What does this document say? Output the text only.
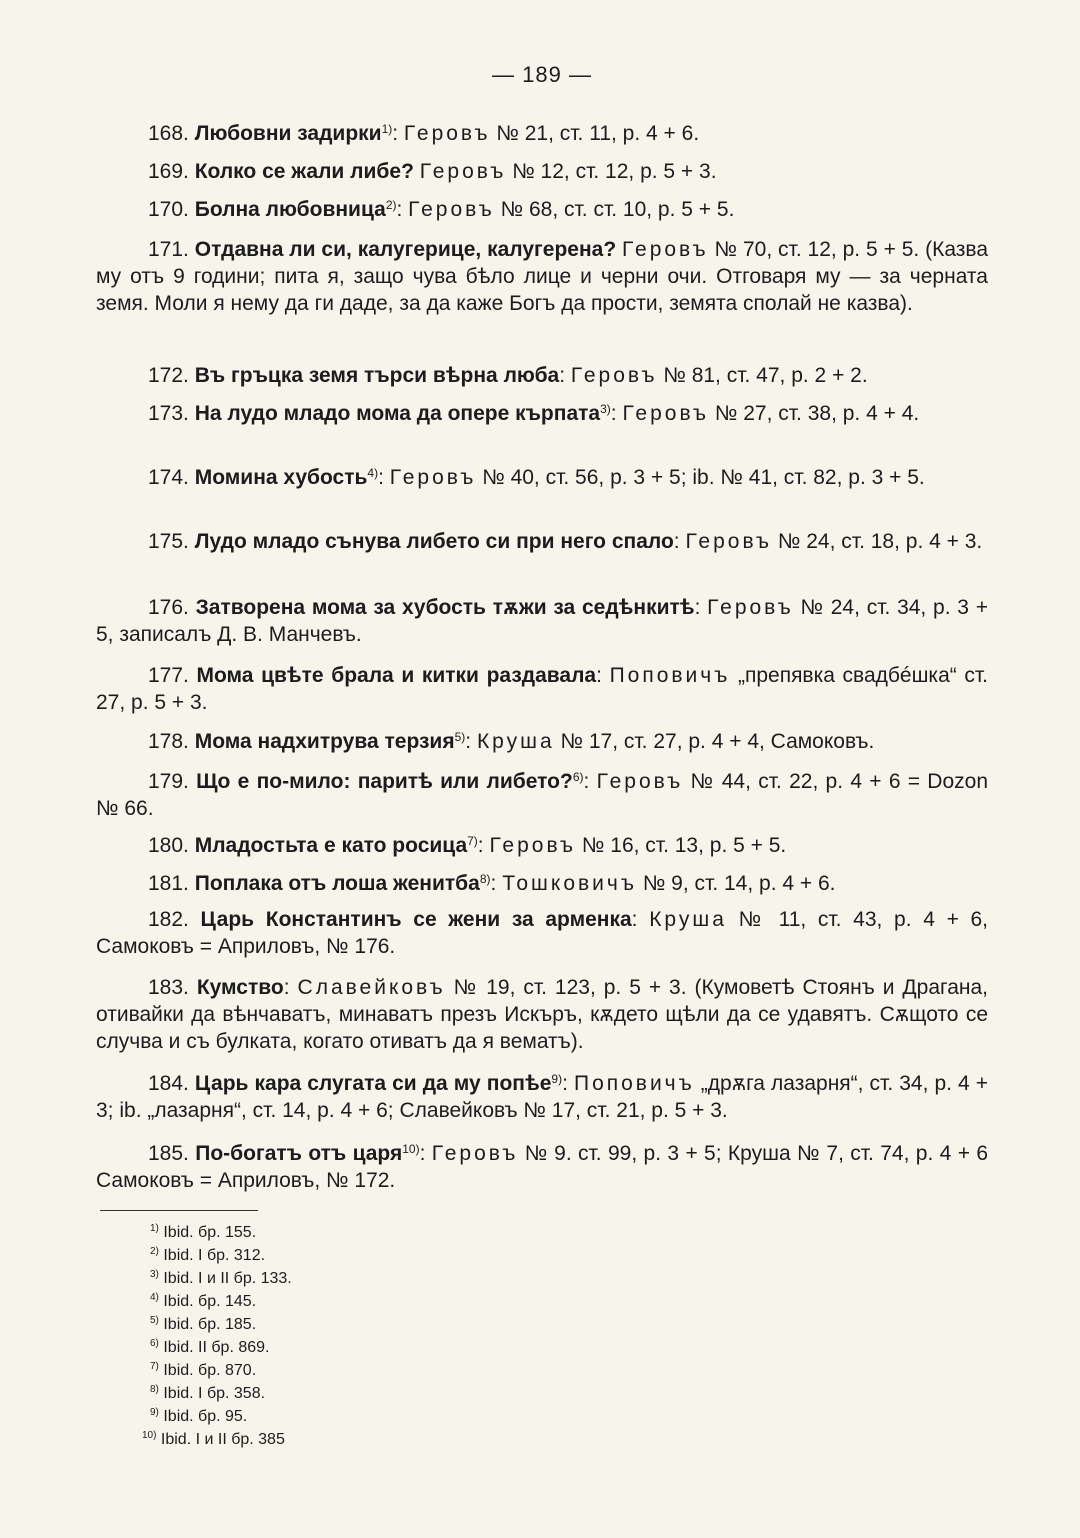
— 189 —
168. Любовни задирки$^{1)}$: Геровъ № 21, ст. 11, р. 4 + 6.
169. Колко се жали либе? Геровъ № 12, ст. 12, р. 5 + 3.
170. Болна любовница$^{2)}$: Геровъ № 68, ст. ст. 10, р. 5 + 5.
171. Отдавна ли си, калугерице, калугерена? Геровъ № 70, ст. 12, р. 5 + 5. (Казва му отъ 9 години; пита я, защо чува бѣло лице и черни очи. Отговаря му — за черната земя. Моли я нему да ги даде, за да каже Богъ да прости, земята сполай не казва).
172. Въ гръцка земя търси вѣрна люба: Геровъ № 81, ст. 47, р. 2 + 2.
173. На лудо младо мома да опере кърпата$^{3)}$: Геровъ № 27, ст. 38, р. 4 + 4.
174. Момина хубость$^{4)}$: Геровъ № 40, ст. 56, р. 3 + 5; ib. № 41, ст. 82, р. 3 + 5.
175. Лудо младо сънува либето си при него спало: Геровъ № 24, ст. 18, р. 4 + 3.
176. Затворена мома за хубость тѫжи за седѣнкитѣ: Геровъ № 24, ст. 34, р. 3 + 5, записалъ Д. В. Манчевъ.
177. Мома цвѣте брала и китки раздавала: Поповичъ „препявка свадбéшка“ ст. 27, р. 5 + 3.
178. Мома надхитрува терзия$^{5)}$: Круша № 17, ст. 27, р. 4 + 4, Самоковъ.
179. Що е по-мило: паритѣ или либето?$^{6)}$: Геровъ № 44, ст. 22, р. 4 + 6 = Dozon № 66.
180. Младостьта е като росица$^{7)}$: Геровъ № 16, ст. 13, р. 5 + 5.
181. Поплака отъ лоша женитба$^{8)}$: Тошковичъ № 9, ст. 14, р. 4 + 6.
182. Царь Константинъ се жени за арменка: Круша № 11, ст. 43, р. 4 + 6, Самоковъ = Априловъ, № 176.
183. Кумство: Славейковъ № 19, ст. 123, р. 5 + 3. (Кумоветѣ Стоянъ и Драгана, отивайки да вѣнчаватъ, минаватъ презъ Искъръ, кѫдето щѣли да се удавятъ. Сѫщото се случва и съ булката, когато отиватъ да я вематъ).
184. Царь кара слугата си да му попѣе$^{9)}$: Поповичъ „дрѫга лазарня“, ст. 34, р. 4 + 3; ib. „лазарня“, ст. 14, р. 4 + 6; Славейковъ № 17, ст. 21, р. 5 + 3.
185. По-богатъ отъ царя$^{10)}$: Геровъ № 9. ст. 99, р. 3 + 5; Круша № 7, ст. 74, р. 4 + 6 Самоковъ = Априловъ, № 172.
$^{1)}$ Ibid. бр. 155.
$^{2)}$ Ibid. I бр. 312.
$^{3)}$ Ibid. I и II бр. 133.
$^{4)}$ Ibid. бр. 145.
$^{5)}$ Ibid. бр. 185.
$^{6)}$ Ibid. II бр. 869.
$^{7)}$ Ibid. бр. 870.
$^{8)}$ Ibid. I бр. 358.
$^{9)}$ Ibid. бр. 95.
$^{10)}$ Ibid. I и II бр. 385
